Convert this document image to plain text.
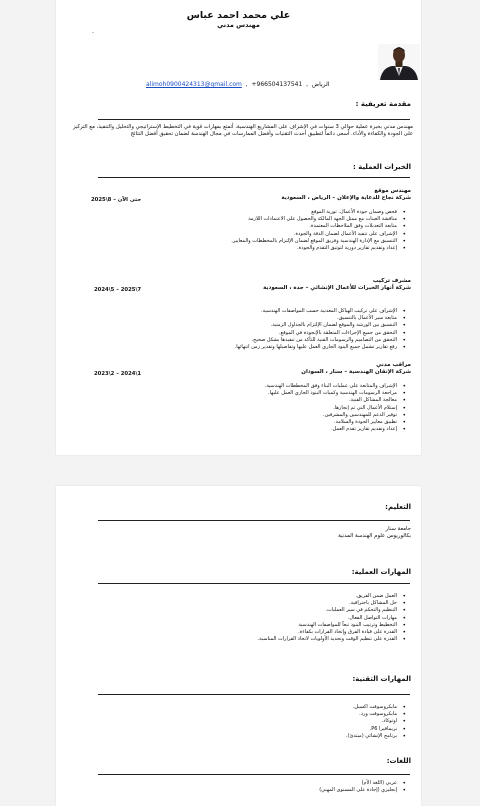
علي محمد احمد عباس
مهندس مدني
.
alimoh0900424313@gmail.com  ,  +966504137541  ,  الرياض
مقدمة تعريفية :
مهندس مدني بخبرة عملية حوالي 3 سنوات في الإشراف على المشاريع الهندسية، أتمتع بمهارات قوية في التخطيط الإستراتيجي والتحليل والتنفيذ، مع التركيز على الجودة والكفاءة والأداء. أسعى دائماً لتطبيق أحدث التقنيات وأفضل الممارسات في مجال الهندسة لضمان تحقيق أفضل النتائج
الخبرات العملية :
مهندس موقع
شركة نجاح للدعاية والإعلان – الرياض ، السعودية
2025\8 – حتى الآن
• فحص وضمان جودة الأعمال. تورية الموقع
• مناقشة العينات مع ممثل الجهة المالكة والحصول على الاعتمادات اللازمة
• متابعة التعديلات وفق الملاحظات المعتمدة.
• الإشراف على تنفيذ الأعمال لضمان الدقة والجودة.
• التنسيق مع الإدارة الهندسية وفريق الموقع لضمان الإلتزام بالمخططات والمعايير.
• إعداد وتقديم تقارير دورية لتوثيق التقدم والجودة.
مشرف تركيب
شركة أنهار الخيرات للأعمال الإنشائي – جدة ، السعودية
2024\5 – 2025\7
• الإشراف على تركيب الهياكل المعدنية حسب المواصفات الهندسية.
• متابعة سير الأعمال بالتنسيق.
• التنسيق بين الورشة والموقع لضمان الإلتزام بالجداول الزمنية.
• التحقق من جميع الإجراءات المتعلقة بالإنجودة في الموقع.
• التحقق من التصاميم والرسومات الفنية للتأكد من تنفيذها بشكل صحيح.
• رفع تقارير تشمل جميع البنود الجاري العمل عليها وتفاصيلها وتقدير زمن انتهائها.
مراقب مدني
شركة الإتقان الهندسية – سنار ، السودان
2023\2 – 2024\1
• الإشراف والمتابعة على عمليات البناء وفق المخططات الهندسية.
• مراجعة الرسومات الهندسية وكميات البنود الجاري العمل عليها.
• معالجة المشاكل الفنية.
• إستلام الأعمال التي تم إنجازها.
• توفير الدعم للمهندسين والمشرفين.
• تطبيق معايير الجودة والسلامة.
• إعداد وتقديم تقارير تقدم العمل.
التعليم:
جامعة سنار
بكالوريوس علوم الهندسة المدنية
المهارات العملية:
• العمل ضمن الفريق.
• حل المشاكل باحترافية.
• التنظيم والتحكم في سير العمليات.
• مهارات التواصل الفعال.
• التخطيط وترتيب البنود تبعاً للمواصفات الهندسية
• القدرة على قيادة الفرق وإتخاذ القرارات بكفاءة.
• القدرة على تنظيم الوقت وتحديد الأولويات لاتخاذ القرارات المناسبة.
المهارات التقنية:
• مايكروسوفت اكسيل.
• مايكروسوفت ورد.
• اوتوكاد.
• بريمافيرا P6.
• برنامج الإنشائي (مبتدئ).
اللغات:
• عربي (اللغة الأم)
• إنجليزي (إجادة على المستوى المهني)
